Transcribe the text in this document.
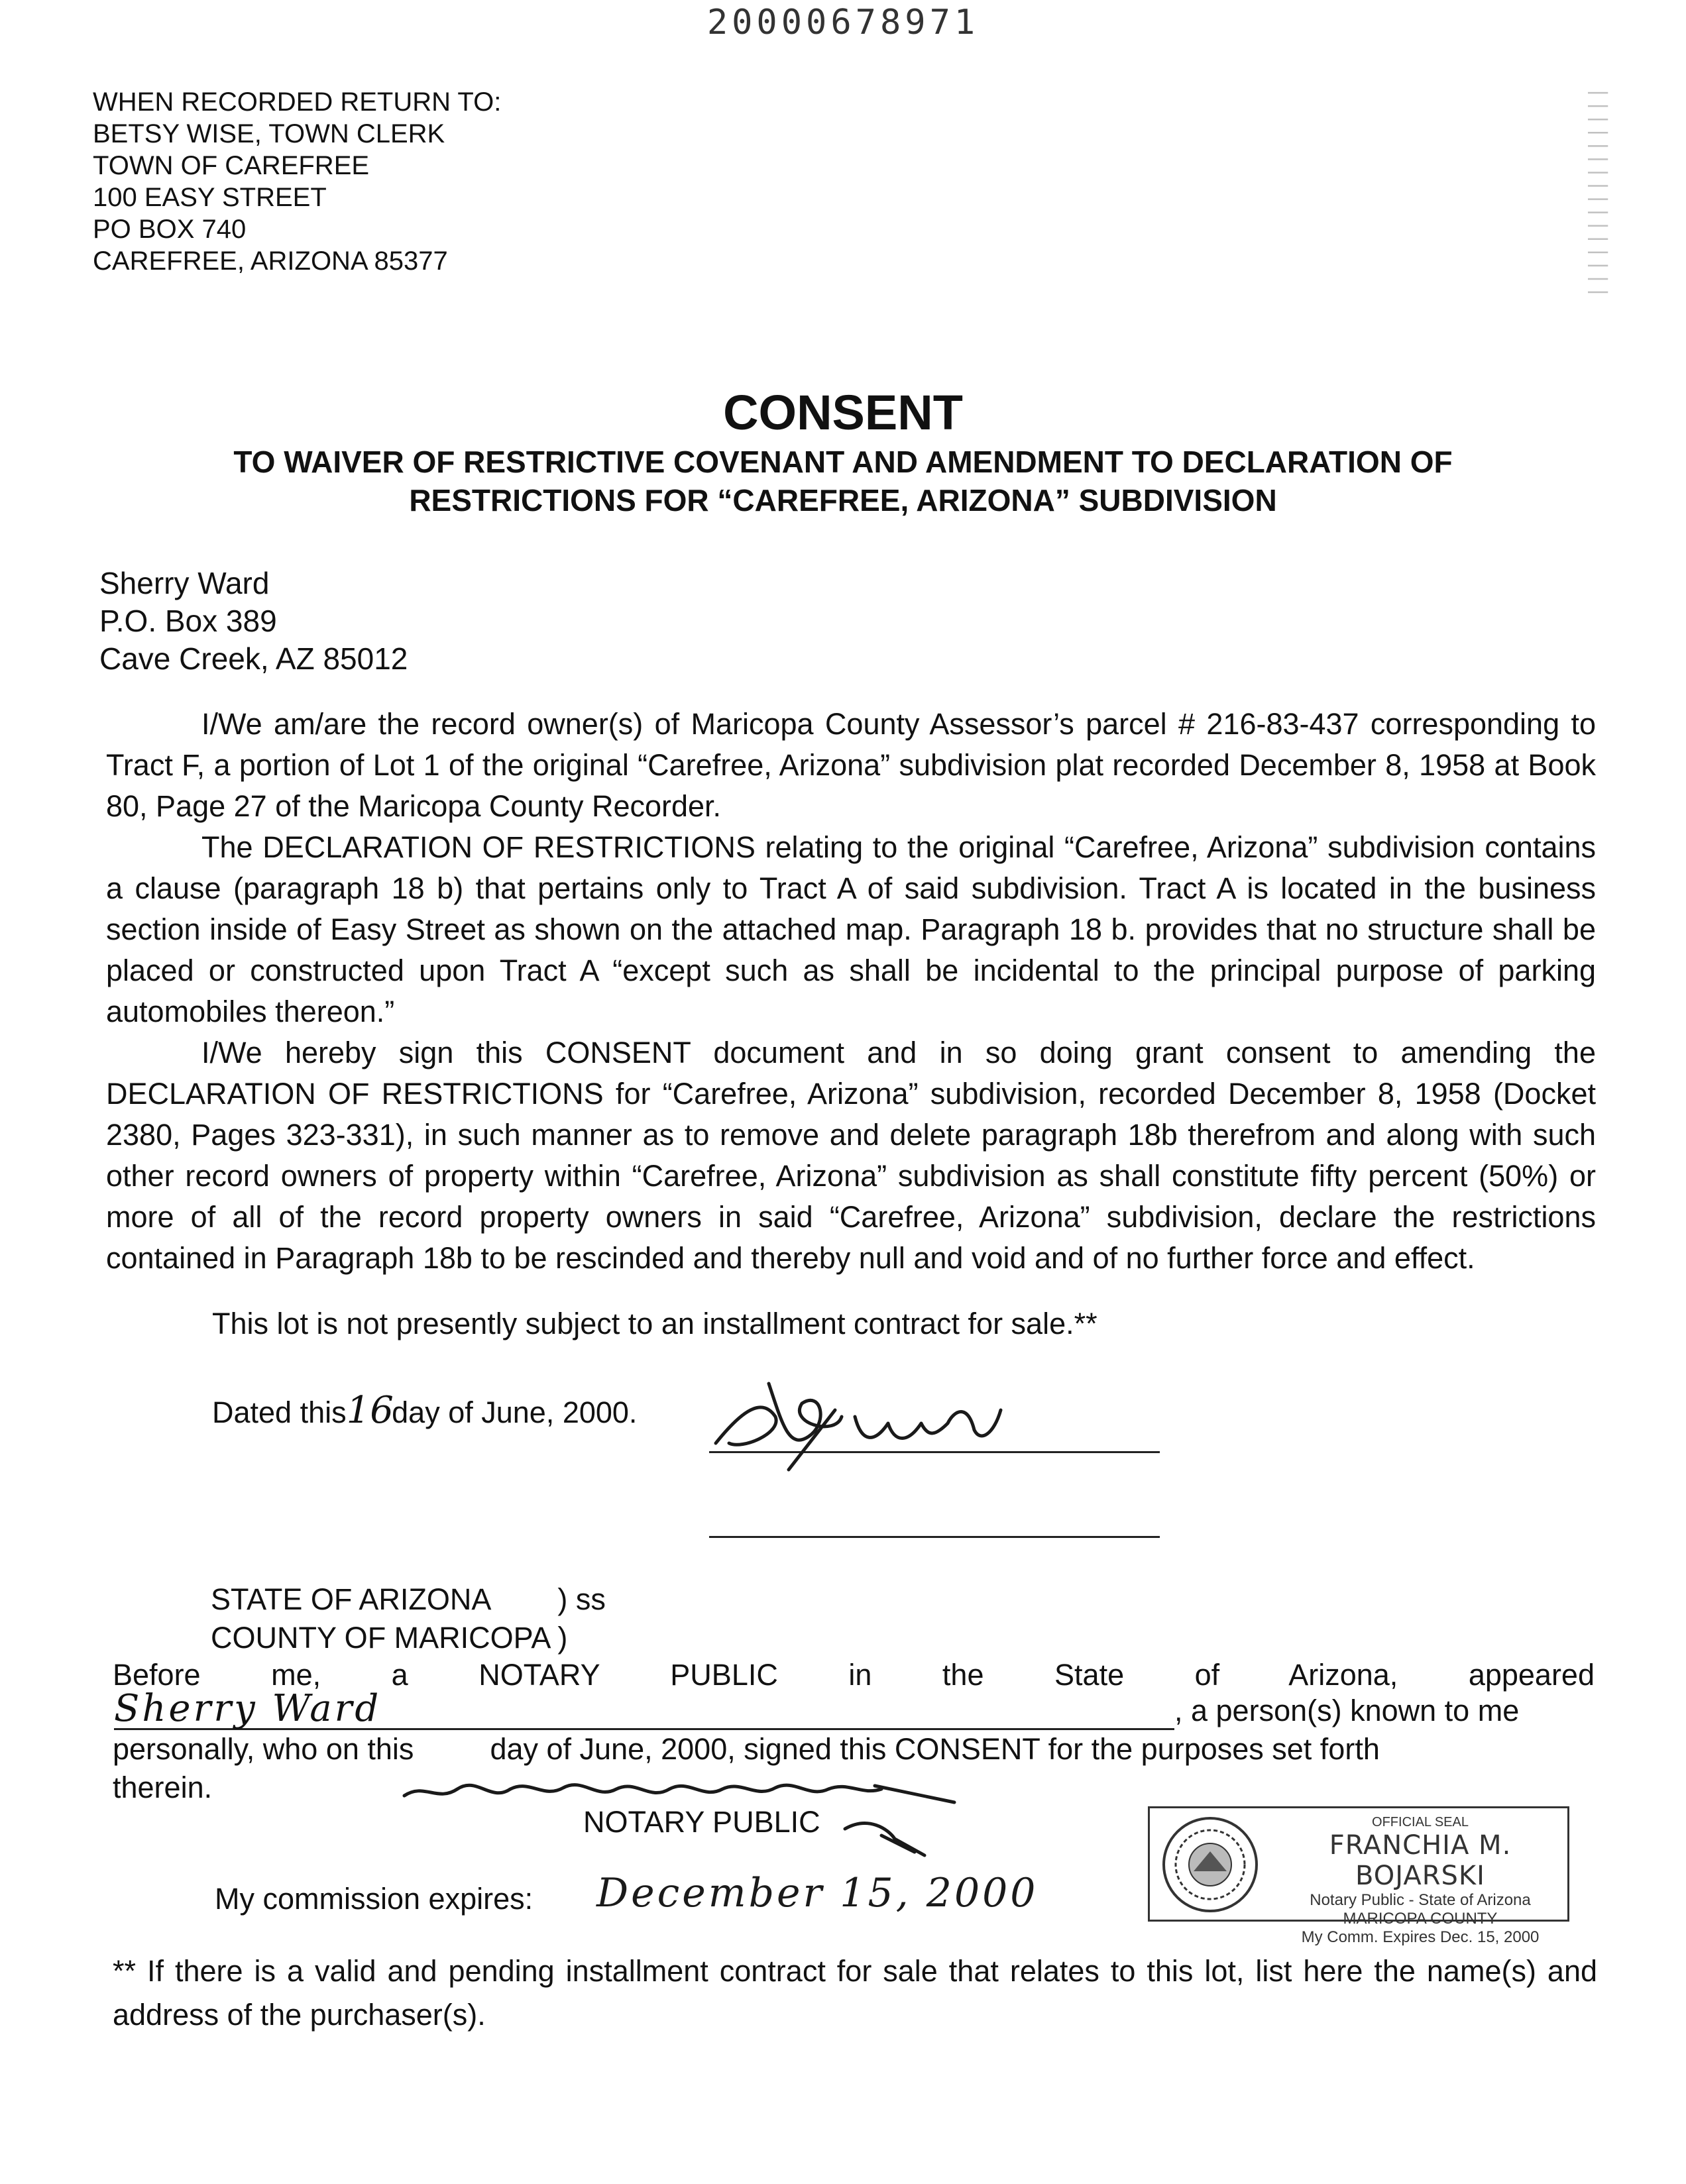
20000678971
WHEN RECORDED RETURN TO:
BETSY WISE, TOWN CLERK
TOWN OF CAREFREE
100 EASY STREET
PO BOX 740
CAREFREE, ARIZONA 85377	||||||||||||||||
CONSENT
TO WAIVER OF RESTRICTIVE COVENANT AND AMENDMENT TO DECLARATION OF
RESTRICTIONS FOR “CAREFREE, ARIZONA” SUBDIVISION
Sherry Ward
P.O. Box 389
Cave Creek, AZ 85012

I/We am/are the record owner(s) of Maricopa County Assessor’s parcel # 216-83-437 corresponding to Tract F, a portion of Lot 1 of the original “Carefree, Arizona” subdivision plat recorded December 8, 1958 at Book 80, Page 27 of the Maricopa County Recorder.

The DECLARATION OF RESTRICTIONS relating to the original “Carefree, Arizona” subdivision contains a clause (paragraph 18 b) that pertains only to Tract A of said subdivision. Tract A is located in the business section inside of Easy Street as shown on the attached map. Paragraph 18 b. provides that no structure shall be placed or constructed upon Tract A “except such as shall be incidental to the principal purpose of parking automobiles thereon.”

I/We hereby sign this CONSENT document and in so doing grant consent to amending the DECLARATION OF RESTRICTIONS for “Carefree, Arizona” subdivision, recorded December 8, 1958 (Docket 2380, Pages 323-331), in such manner as to remove and delete paragraph 18b therefrom and along with such other record owners of property within “Carefree, Arizona” subdivision as shall constitute fifty percent (50%) or more of all of the record property owners in said “Carefree, Arizona” subdivision, declare the restrictions contained in Paragraph 18b to be rescinded and thereby null and void and of no further force and effect.

This lot is not presently subject to an installment contract for sale.**
Dated this16 day of June, 2000.
STATE OF ARIZONA ) ss
COUNTY OF MARICOPA )
Before me, a NOTARY PUBLIC in the State of Arizona, appeared
Sherry Ward	, a person(s) known to me
personally, who on this	day of June, 2000, signed this CONSENT for the purposes set forth
therein.
NOTARY PUBLIC
My commission expires: December 15, 2000
OFFICIAL SEAL
FRANCHIA M. BOJARSKI
Notary Public - State of Arizona
MARICOPA COUNTY
My Comm. Expires Dec. 15, 2000
** If there is a valid and pending installment contract for sale that relates to this lot, list here the name(s) and address of the purchaser(s).
